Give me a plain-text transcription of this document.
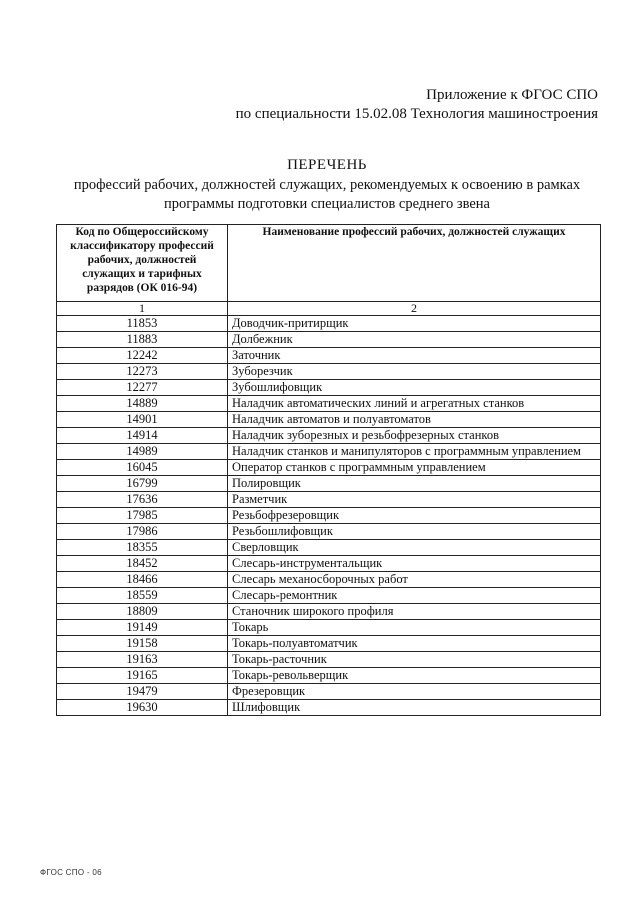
Приложение к ФГОС СПО
по специальности 15.02.08 Технология машиностроения
ПЕРЕЧЕНЬ
профессий рабочих, должностей служащих, рекомендуемых к освоению в рамках
программы подготовки специалистов среднего звена
Код по Общероссийскому классификатору профессий рабочих, должностей служащих и тарифных разрядов (ОК 016-94)	Наименование профессий рабочих, должностей служащих
1	2
11853	Доводчик-притирщик
11883	Долбежник
12242	Заточник
12273	Зуборезчик
12277	Зубошлифовщик
14889	Наладчик автоматических линий и агрегатных станков
14901	Наладчик автоматов и полуавтоматов
14914	Наладчик зуборезных и резьбофрезерных станков
14989	Наладчик станков и манипуляторов с программным управлением
16045	Оператор станков с программным управлением
16799	Полировщик
17636	Разметчик
17985	Резьбофрезеровщик
17986	Резьбошлифовщик
18355	Сверловщик
18452	Слесарь-инструментальщик
18466	Слесарь механосборочных работ
18559	Слесарь-ремонтник
18809	Станочник широкого профиля
19149	Токарь
19158	Токарь-полуавтоматчик
19163	Токарь-расточник
19165	Токарь-револьверщик
19479	Фрезеровщик
19630	Шлифовщик
ФГОС СПО - 06
